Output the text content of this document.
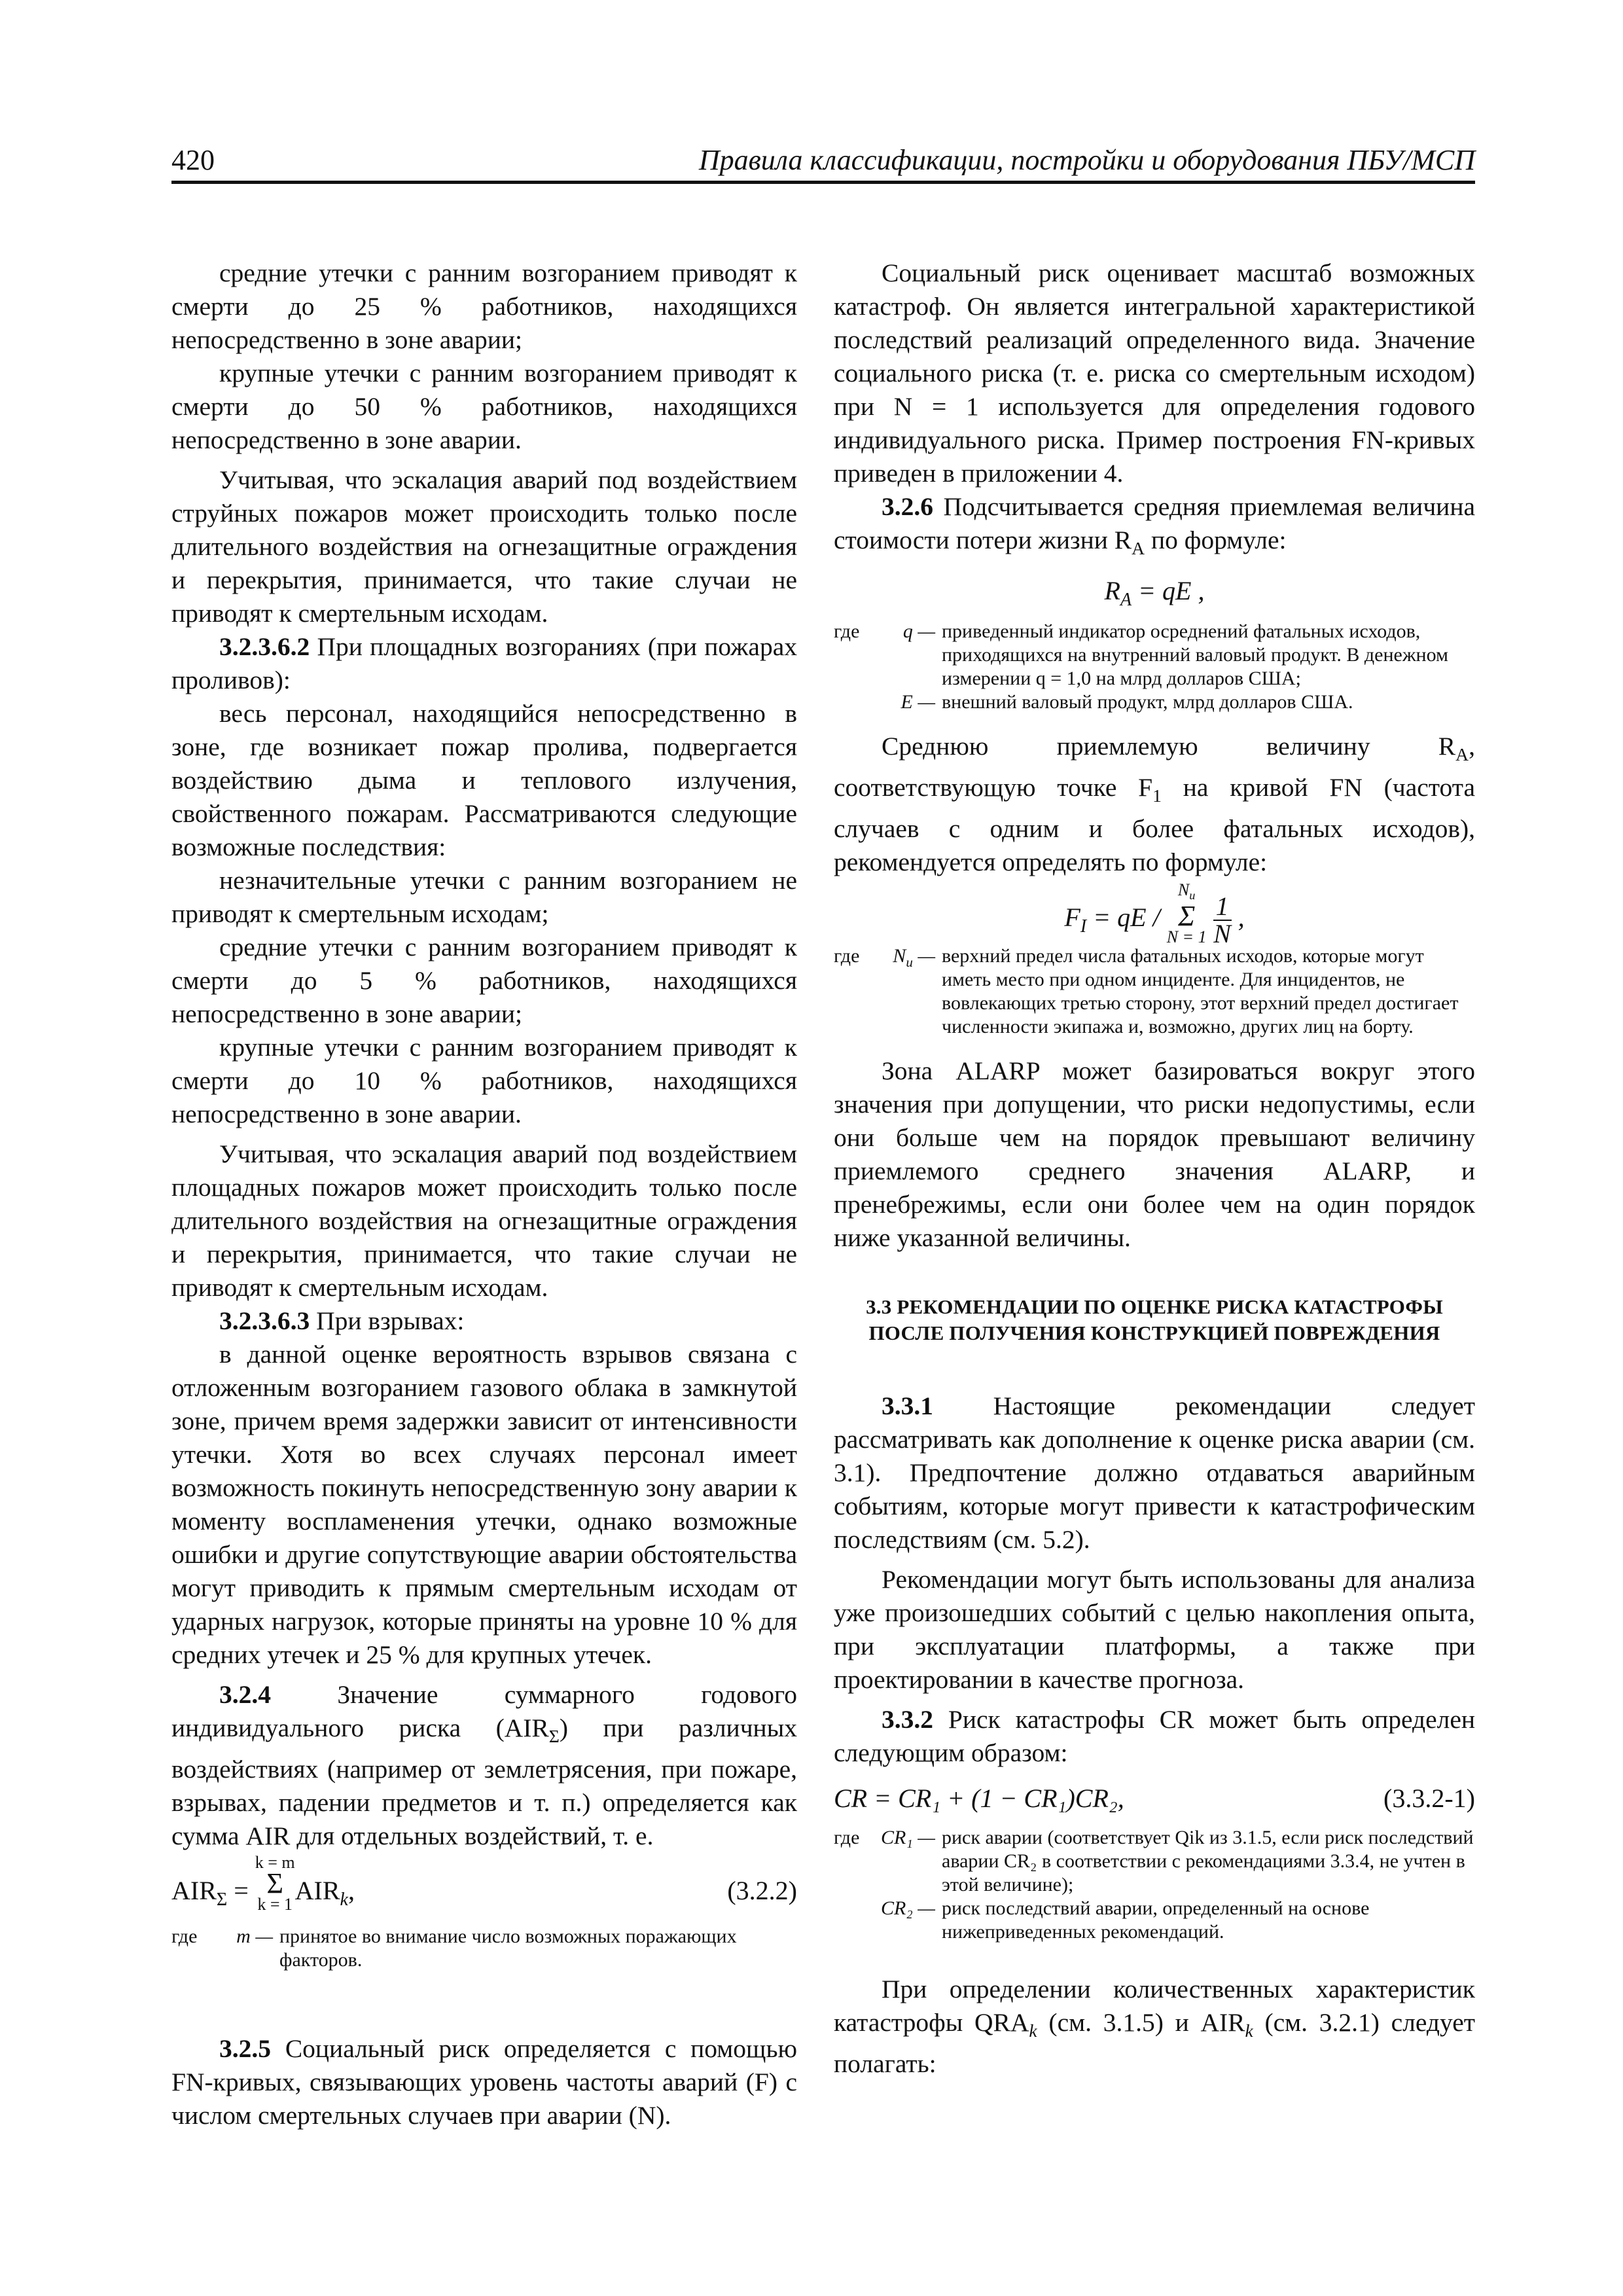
420	Правила классификации, постройки и оборудования ПБУ/МСП

средние утечки с ранним возгоранием приводят к смерти до 25 % работников, находящихся непосредственно в зоне аварии;

крупные утечки с ранним возгоранием приводят к смерти до 50 % работников, находящихся непосредственно в зоне аварии.

Учитывая, что эскалация аварий под воздействием струйных пожаров может происходить только после длительного воздействия на огнезащитные ограждения и перекрытия, принимается, что такие случаи не приводят к смертельным исходам.

3.2.3.6.2 При площадных возгораниях (при пожарах проливов):

весь персонал, находящийся непосредственно в зоне, где возникает пожар пролива, подвергается воздействию дыма и теплового излучения, свойственного пожарам. Рассматриваются следующие возможные последствия:

незначительные утечки с ранним возгоранием не приводят к смертельным исходам;

средние утечки с ранним возгоранием приводят к смерти до 5 % работников, находящихся непосредственно в зоне аварии;

крупные утечки с ранним возгоранием приводят к смерти до 10 % работников, находящихся непосредственно в зоне аварии.

Учитывая, что эскалация аварий под воздействием площадных пожаров может происходить только после длительного воздействия на огнезащитные ограждения и перекрытия, принимается, что такие случаи не приводят к смертельным исходам.

3.2.3.6.3 При взрывах:

в данной оценке вероятность взрывов связана с отложенным возгоранием газового облака в замкнутой зоне, причем время задержки зависит от интенсивности утечки. Хотя во всех случаях персонал имеет возможность покинуть непосредственную зону аварии к моменту воспламенения утечки, однако возможные ошибки и другие сопутствующие аварии обстоятельства могут приводить к прямым смертельным исходам от ударных нагрузок, которые приняты на уровне 10 % для средних утечек и 25 % для крупных утечек.

3.2.4 Значение суммарного годового индивидуального риска $(AIR_\Sigma)$ при различных воздействиях (например от землетрясения, при пожаре, взрывах, падении предметов и т. п.) определяется как сумма AIR для отдельных воздействий, т. е.

$AIR_\Sigma = k = m$
Σ
$k = 1AIR_k$,	(3.2.2)
где	m — принятое во внимание число возможных поражающих факторов.

3.2.5 Социальный риск определяется с помощью FN-кривых, связывающих уровень частоты аварий (F) с числом смертельных случаев при аварии (N).

Социальный риск оценивает масштаб возможных катастроф. Он является интегральной характеристикой последствий реализаций определенного вида. Значение социального риска (т. е. риска со смертельным исходом) при N = 1 используется для определения годового индивидуального риска. Пример построения FN-кривых приведен в приложении 4.

3.2.6 Подсчитывается средняя приемлемая величина стоимости потери жизни $R_A$ по формуле:

$R_A$ = qE ,
где	q — приведенный индикатор осреднений фатальных исходов, приходящихся на внутренний валовый продукт. В денежном измерении q = 1,0 на млрд долларов США;
E — внешний валовый продукт, млрд долларов США.

Среднюю приемлемую величину $R_A$, соответствующую точке $F_1$ на кривой FN (частота случаев с одним и более фатальных исходов), рекомендуется определять по формуле:

$F_I$ = qE / $N_u$
Σ
$N = 1 \frac{1}{N}$ ,
где	$N_u$ — верхний предел числа фатальных исходов, которые могут иметь место при одном инциденте. Для инцидентов, не вовлекающих третью сторону, этот верхний предел достигает численности экипажа и, возможно, других лиц на борту.

Зона ALARP может базироваться вокруг этого значения при допущении, что риски недопустимы, если они больше чем на порядок превышают величину приемлемого среднего значения ALARP, и пренебрежимы, если они более чем на один порядок ниже указанной величины.

3.3 РЕКОМЕНДАЦИИ ПО ОЦЕНКЕ РИСКА КАТАСТРОФЫ
ПОСЛЕ ПОЛУЧЕНИЯ КОНСТРУКЦИЕЙ ПОВРЕЖДЕНИЯ

3.3.1 Настоящие рекомендации следует рассматривать как дополнение к оценке риска аварии (см. 3.1). Предпочтение должно отдаваться аварийным событиям, которые могут привести к катастрофическим последствиям (см. 5.2).

Рекомендации могут быть использованы для анализа уже произошедших событий с целью накопления опыта, при эксплуатации платформы, а также при проектировании в качестве прогноза.

3.3.2 Риск катастрофы CR может быть определен следующим образом:

CR = CR₁ + (1 − CR₁)CR₂,	(3.3.2-1)
где	CR₁ — риск аварии (соответствует Qik из 3.1.5, если риск последствий аварии CR₂ в соответствии с рекомендациями 3.3.4, не учтен в этой величине);
CR₂ — риск последствий аварии, определенный на основе нижеприведенных рекомендаций.

При определении количественных характеристик катастрофы $QRA_k$ (см. 3.1.5) и $AIR_k$ (см. 3.2.1) следует полагать:
